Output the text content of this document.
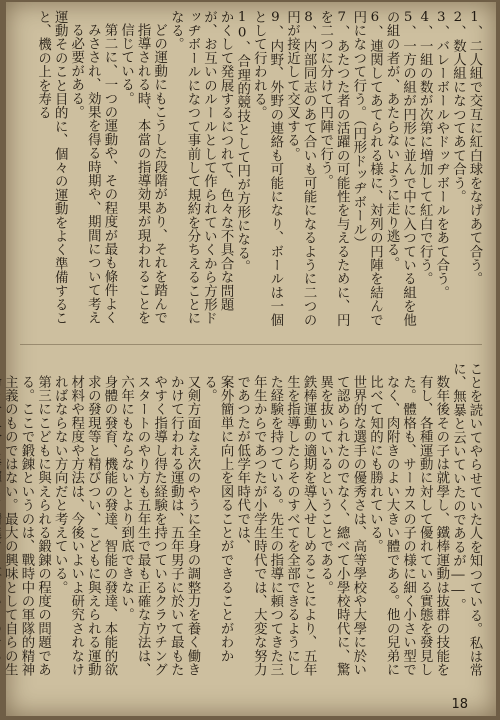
1、二人組で交互に紅白球をなげあて合う。

2、数人組になつてあて合う。

3、バレーボールやドッヂボールをあて合う。

4、一組の数が次第に増加して紅白で行う。

5、一方の組が円形に並んで中に入つている組を他の組の者が、あたらないように走り逃る。

6、連関してあてられる様に、対列の円陣を結んで円になつて行う。（円形ドッヂボール）

7、あたつた者の活躍の可能性を与えるために、円を二つに分けて円陣で行う。

8、内部同志のあて合いも可能になるように二つの円が接近して交叉する。

9、内野、外野の連絡も可能になり、ボールは一個として行われる。

10、合理的競技として円が方形になる。

かくして発展するにつれて、色々な不具合な問題が、お互いのルールとして作られていくから方形ドッヂボールになつて事前して規約を分ちえることになる。

どの運動にもこうした段階があり、それを踏んで指導される時、本當の指導効果が現われることを信じている。

第二に、一つの運動や、その程度が最も條件よくみさされ、効果を得る時期や、期間について考える必要がある。

運動そのこと目的に、個々の運動をよく準備すること、機の上を寿る

ことを読いてやらせていた人を知つている。私は常に、無暴と云いていたのであるが――。

数年後その子は就學し、鐵棒運動は抜群の技能を有し、各種運動に対して優れている實態を發見した。體格も、サーカスの子の様に細く小さい型でなく、肉附きのよい大きい體である。他の兒弟に比べて知的にも勝れている。

世界的な選手の優秀さは、高等學校や大學に於いて認められたのでなく、總べて小學校時代に、驚異を抜いているということである。

鉄棒運動の適期を導入せしめることにより、五年生を指導したらそのすべてを全部できるようにした経験を持つている。先生の指導に頼つてきた三年生からであつたが小学生時代では、大変な努力であつたが低学年時代では、

案外簡単に向上を図ることができることがわかる。

又剣方面なえ次のやうに全身の調整力を養く働きかけて行われる運動は、五年男子に於いて最もたやすく指導し得た経験を持つているクラウチングスタートのやり方も五年生で最も正確な方法は、六年にもならないとより到底できない。

身體の發育、機能の發達、智能の發達、本能的欲求の發現等と精びつい、こどもに與えられる運動材料や程度や方法は、今後いよいよ研究されなければならない方向だと考えている。

第三にこどもに與えられる鍛錬の程度の問題である。ここで鍛錬というのは、戰時中の軍隊的精神主義のものではない。最大の興味として自らの生

18
